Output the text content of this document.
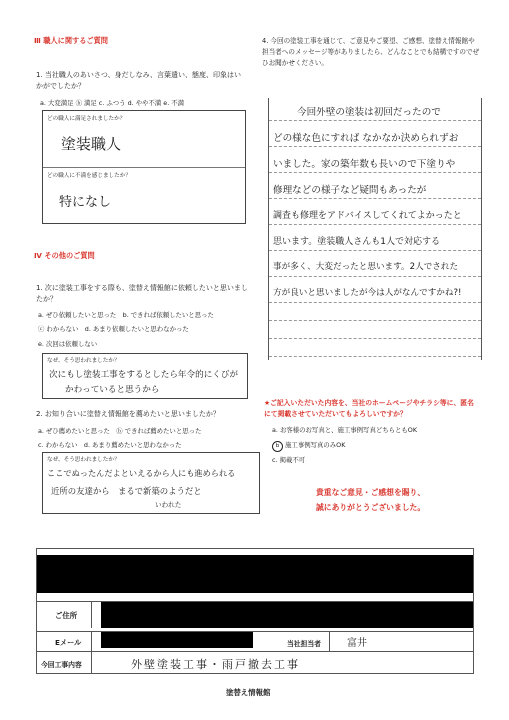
Ⅲ 職人に関するご質問
1. 当社職人のあいさつ、身だしなみ、言葉遣い、態度、印象はいかがでしたか？
a. 大変満足 ⓑ 満足 c. ふつう d. やや不満 e. 不満
どの職人に満足されましたか？
塗装職人
どの職人に不満を感じましたか？
特になし
Ⅳ その他のご質問
1. 次に塗装工事をする際も、塗替え情報館に依頼したいと思いましたか？
a. ぜひ依頼したいと思った　b. できれば依頼したいと思った
ⓒ わからない　d. あまり依頼したいと思わなかった
e. 次回は依頼しない
なぜ、そう思われましたか？
次にもし塗装工事をするとしたら年令的にくびが
かわっていると思うから
2. お知り合いに塗替え情報館を薦めたいと思いましたか？
a. ぜひ薦めたいと思った　ⓑ できれば薦めたいと思った
c. わからない　d. あまり薦めたいと思わなかった
なぜ、そう思われましたか？
ここでぬったんだよといえるから人にも進められる
近所の友達から　まるで新築のようだと
いわれた
4. 今回の塗装工事を通じて、ご意見やご要望、ご感想、塗替え情報館や担当者へのメッセージ等がありましたら、どんなことでも結構ですのでぜひお聞かせください。
今回外壁の塗装は初回だったので
どの様な色にすれば なかなか決められずお
いました。家の築年数も長いので下塗りや
修理などの様子など疑問もあったが
調査も修理をアドバイスしてくれてよかったと
思います。塗装職人さんも1人で対応する
事が多く、大変だったと思います。2人でされた
方が良いと思いましたが今は人がなんですかね?!
★ご記入いただいた内容を、当社のホームページやチラシ等に、匿名にて掲載させていただいてもよろしいですか？
a. お客様のお写真と、施工事例写真どちらともOK
b 施工事例写真のみOK
c. 掲載不可
貴重なご意見・ご感想を賜り、
誠にありがとうございました。
ご住所
Eメール	当社担当者	富井
今回工事内容	外壁塗装工事・雨戸撤去工事
塗替え情報館
